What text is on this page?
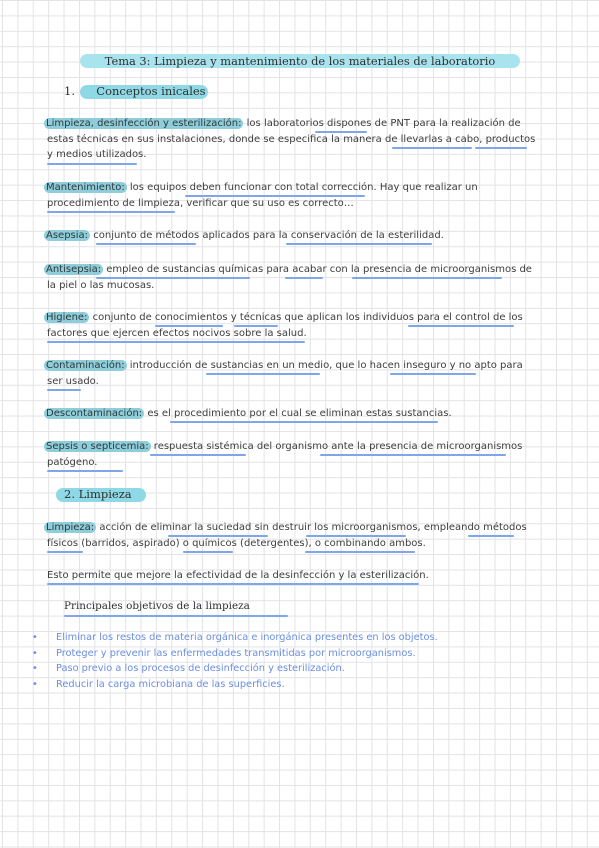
Tema 3: Limpieza y mantenimiento de los materiales de laboratorio
1. Conceptos inicales
Limpieza, desinfección y esterilización: los laboratorios dispones de PNT para la realización de estas técnicas en sus instalaciones, donde se especifica la manera de llevarlas a cabo, productos y medios utilizados.
Mantenimiento: los equipos deben funcionar con total corrección. Hay que realizar un procedimiento de limpieza, verificar que su uso es correcto…
Asepsia: conjunto de métodos aplicados para la conservación de la esterilidad.
Antisepsia: empleo de sustancias químicas para acabar con la presencia de microorganismos de la piel o las mucosas.
Higiene: conjunto de conocimientos y técnicas que aplican los individuos para el control de los factores que ejercen efectos nocivos sobre la salud.
Contaminación: introducción de sustancias en un medio, que lo hacen inseguro y no apto para ser usado.
Descontaminación: es el procedimiento por el cual se eliminan estas sustancias.
Sepsis o septicemia: respuesta sistémica del organismo ante la presencia de microorganismos patógeno.
2. Limpieza
Limpieza: acción de eliminar la suciedad sin destruir los microorganismos, empleando métodos físicos (barridos, aspirado) o químicos (detergentes), o combinando ambos.
Esto permite que mejore la efectividad de la desinfección y la esterilización.
Principales objetivos de la limpieza
• Eliminar los restos de materia orgánica e inorgánica presentes en los objetos.
• Proteger y prevenir las enfermedades transmitidas por microorganismos.
• Paso previo a los procesos de desinfección y esterilización.
• Reducir la carga microbiana de las superficies.
